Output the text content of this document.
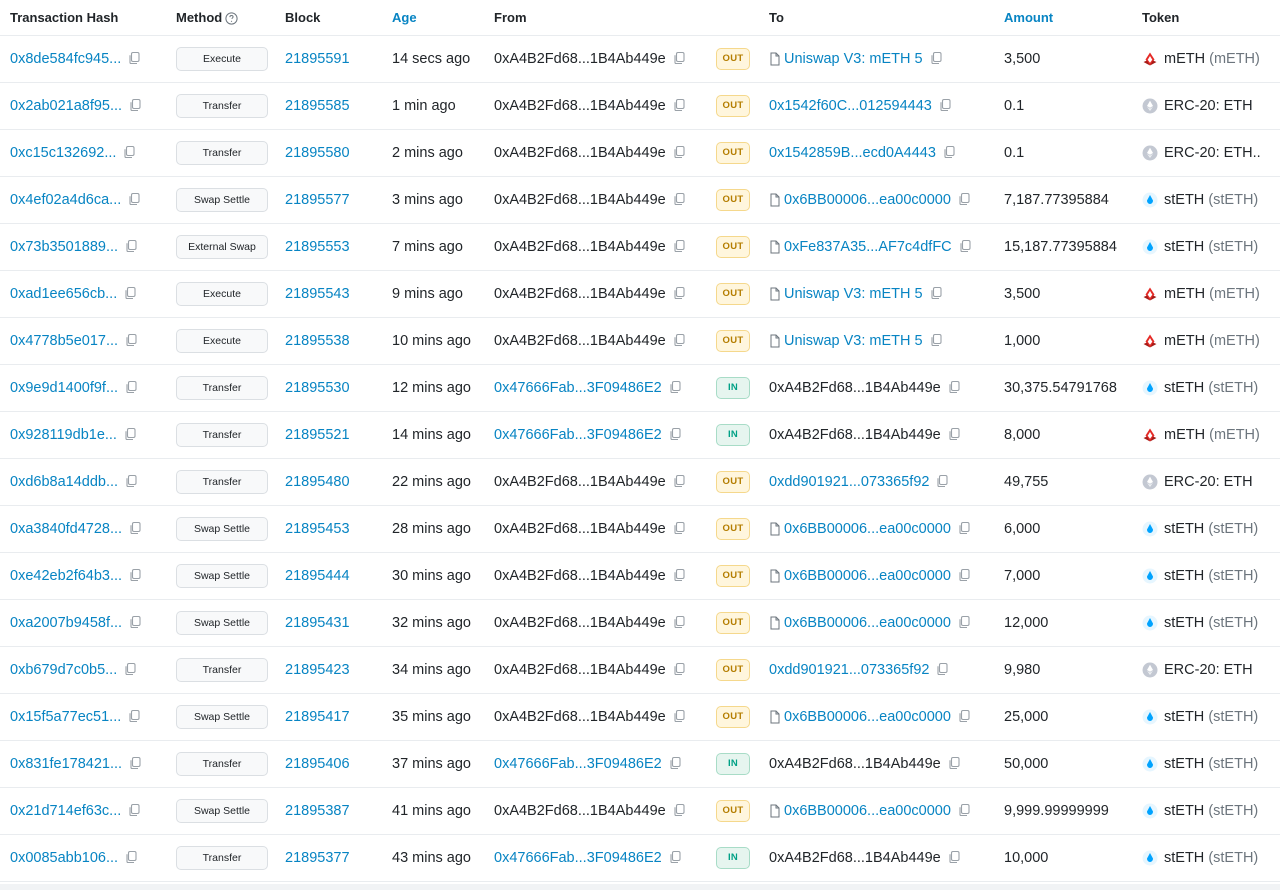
Transaction Hash	Method	Block	Age	From		To	Amount	Token
0x8de584fc945...	Execute	21895591	14 secs ago	0xA4B2Fd68...1B4Ab449e	OUT	Uniswap V3: mETH 5	3,500	mETH (mETH)
0x2ab021a8f95...	Transfer	21895585	1 min ago	0xA4B2Fd68...1B4Ab449e	OUT	0x1542f60C...012594443	0.1	ERC-20: ETH
0xc15c132692...	Transfer	21895580	2 mins ago	0xA4B2Fd68...1B4Ab449e	OUT	0x1542859B...ecd0A4443	0.1	ERC-20: ETH..
0x4ef02a4d6ca...	Swap Settle	21895577	3 mins ago	0xA4B2Fd68...1B4Ab449e	OUT	0x6BB00006...ea00c0000	7,187.77395884	stETH (stETH)
0x73b3501889...	External Swap	21895553	7 mins ago	0xA4B2Fd68...1B4Ab449e	OUT	0xFe837A35...AF7c4dfFC	15,187.77395884	stETH (stETH)
0xad1ee656cb...	Execute	21895543	9 mins ago	0xA4B2Fd68...1B4Ab449e	OUT	Uniswap V3: mETH 5	3,500	mETH (mETH)
0x4778b5e017...	Execute	21895538	10 mins ago	0xA4B2Fd68...1B4Ab449e	OUT	Uniswap V3: mETH 5	1,000	mETH (mETH)
0x9e9d1400f9f...	Transfer	21895530	12 mins ago	0x47666Fab...3F09486E2	IN	0xA4B2Fd68...1B4Ab449e	30,375.54791768	stETH (stETH)
0x928119db1e...	Transfer	21895521	14 mins ago	0x47666Fab...3F09486E2	IN	0xA4B2Fd68...1B4Ab449e	8,000	mETH (mETH)
0xd6b8a14ddb...	Transfer	21895480	22 mins ago	0xA4B2Fd68...1B4Ab449e	OUT	0xdd901921...073365f92	49,755	ERC-20: ETH
0xa3840fd4728...	Swap Settle	21895453	28 mins ago	0xA4B2Fd68...1B4Ab449e	OUT	0x6BB00006...ea00c0000	6,000	stETH (stETH)
0xe42eb2f64b3...	Swap Settle	21895444	30 mins ago	0xA4B2Fd68...1B4Ab449e	OUT	0x6BB00006...ea00c0000	7,000	stETH (stETH)
0xa2007b9458f...	Swap Settle	21895431	32 mins ago	0xA4B2Fd68...1B4Ab449e	OUT	0x6BB00006...ea00c0000	12,000	stETH (stETH)
0xb679d7c0b5...	Transfer	21895423	34 mins ago	0xA4B2Fd68...1B4Ab449e	OUT	0xdd901921...073365f92	9,980	ERC-20: ETH
0x15f5a77ec51...	Swap Settle	21895417	35 mins ago	0xA4B2Fd68...1B4Ab449e	OUT	0x6BB00006...ea00c0000	25,000	stETH (stETH)
0x831fe178421...	Transfer	21895406	37 mins ago	0x47666Fab...3F09486E2	IN	0xA4B2Fd68...1B4Ab449e	50,000	stETH (stETH)
0x21d714ef63c...	Swap Settle	21895387	41 mins ago	0xA4B2Fd68...1B4Ab449e	OUT	0x6BB00006...ea00c0000	9,999.99999999	stETH (stETH)
0x0085abb106...	Transfer	21895377	43 mins ago	0x47666Fab...3F09486E2	IN	0xA4B2Fd68...1B4Ab449e	10,000	stETH (stETH)
